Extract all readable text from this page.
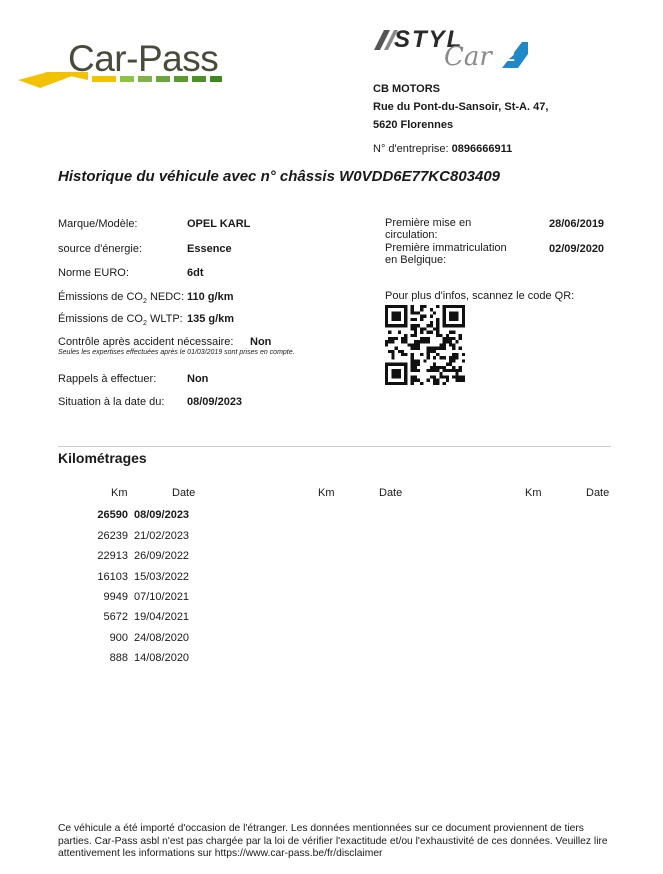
Car-Pass	STYL
Car 2
CB MOTORS
Rue du Pont-du-Sansoir, St-A. 47,
5620 Florennes
N° d'entreprise: 0896666911
Historique du véhicule avec n° châssis W0VDD6E77KC803409
Marque/Modèle:	OPEL KARL
source d'énergie:	Essence
Norme EURO:	6dt
Émissions de $CO_2$ NEDC: 110 g/km
Émissions de $CO_2$ WLTP: 135 g/km
Contrôle après accident nécessaire: Non
Seules les expertises effectuées après le 01/03/2019 sont prises en compte.
Rappels à effectuer:	Non
Situation à la date du: 08/09/2023
Première mise en
circulation:
28/06/2019
Première immatriculation
en Belgique:
02/09/2020
Pour plus d'infos, scannez le code QR:
Kilométrages
Km	Date	Km	Date	Km	Date
26590 08/09/2023
26239 21/02/2023
22913 26/09/2022
16103 15/03/2022
9949 07/10/2021
5672 19/04/2021
900 24/08/2020
888 14/08/2020
Ce véhicule a été importé d'occasion de l'étranger. Les données mentionnées sur ce document proviennent de tiers parties. Car-Pass asbl n'est pas chargée par la loi de vérifier l'exactitude et/ou l'exhaustivité de ces données. Veuillez lire attentivement les informations sur https://www.car-pass.be/fr/disclaimer
